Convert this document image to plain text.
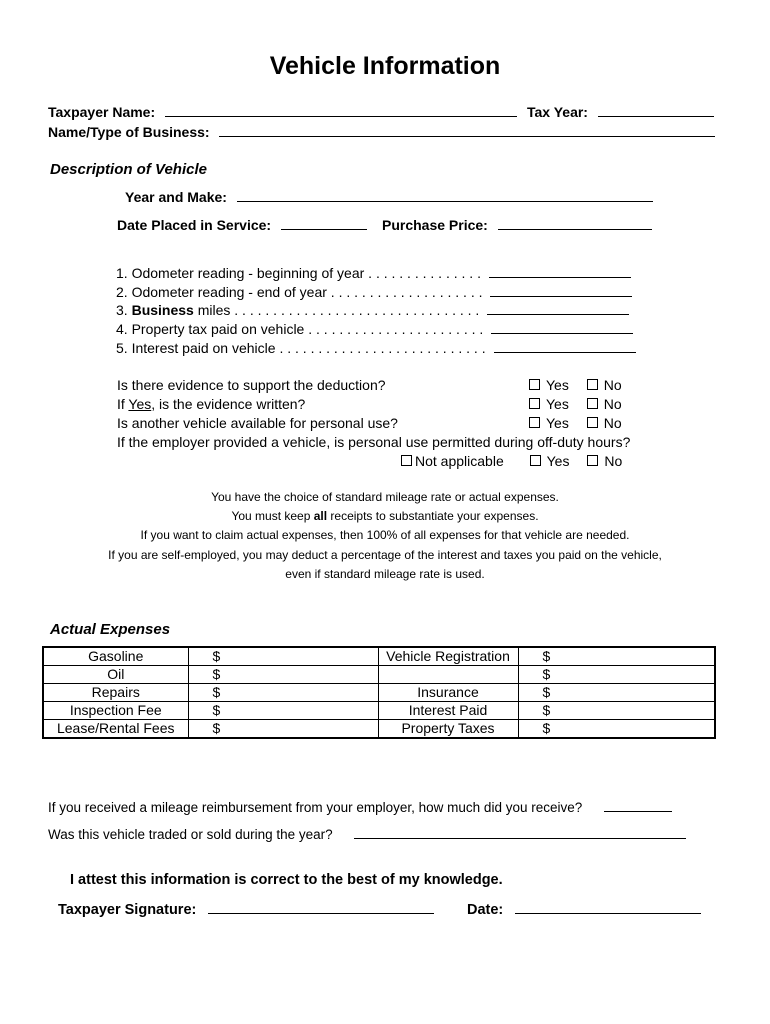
Vehicle Information
Taxpayer Name:	Tax Year:
Name/Type of Business:
Description of Vehicle
Year and Make:
Date Placed in Service:	Purchase Price:
1. Odometer reading - beginning of year . . . . . . . . . . . . . . .
2. Odometer reading - end of year . . . . . . . . . . . . . . . . . . . .
3. Business miles . . . . . . . . . . . . . . . . . . . . . . . . . . . . . . . .
4. Property tax paid on vehicle . . . . . . . . . . . . . . . . . . . . . . .
5. Interest paid on vehicle . . . . . . . . . . . . . . . . . . . . . . . . . . .
Is there evidence to support the deduction?
If Yes, is the evidence written?
Is another vehicle available for personal use?
If the employer provided a vehicle, is personal use permitted during off-duty hours?
Yes No
Yes No
Yes No
Not applicable	Yes No
You have the choice of standard mileage rate or actual expenses.
You must keep all receipts to substantiate your expenses.
If you want to claim actual expenses, then 100% of all expenses for that vehicle are needed.
If you are self-employed, you may deduct a percentage of the interest and taxes you paid on the vehicle,
even if standard mileage rate is used.
Actual Expenses
Gasoline	$	Vehicle Registration	$
Oil	$		$
Repairs	$	Insurance	$
Inspection Fee	$	Interest Paid	$
Lease/Rental Fees	$	Property Taxes	$
If you received a mileage reimbursement from your employer, how much did you receive?
Was this vehicle traded or sold during the year?
I attest this information is correct to the best of my knowledge.
Taxpayer Signature:	Date:
